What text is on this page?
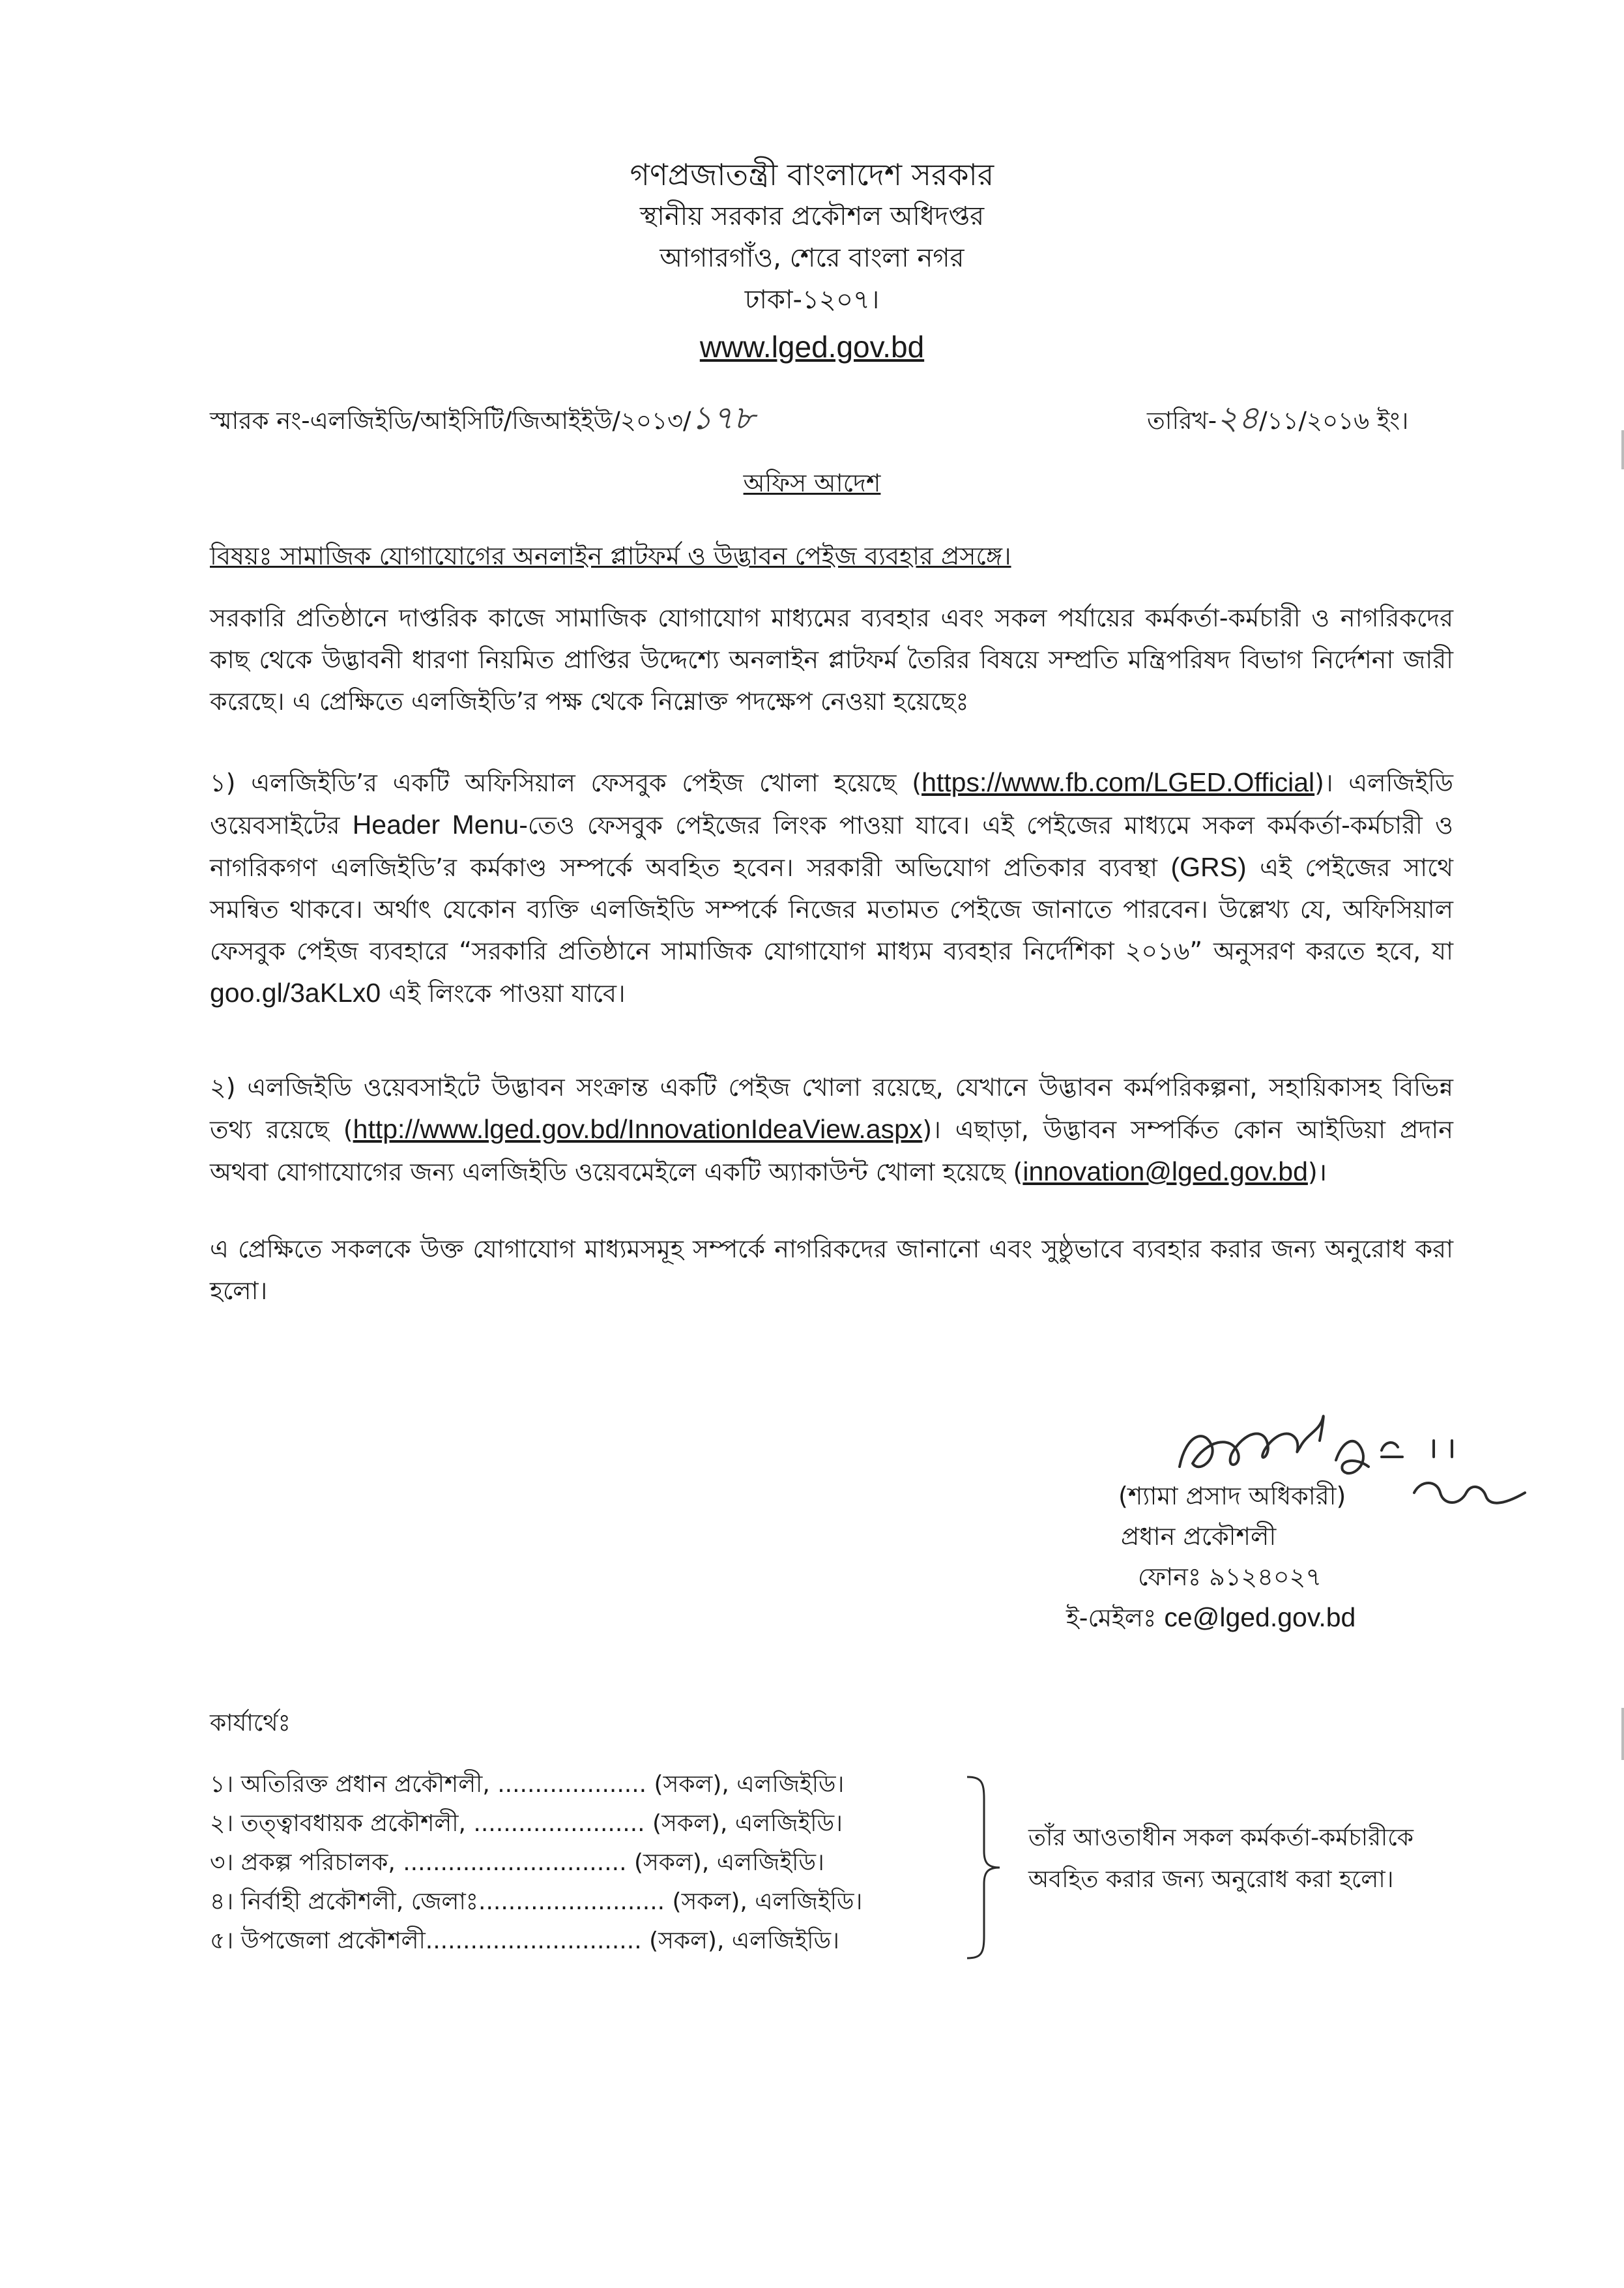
গণপ্রজাতন্ত্রী বাংলাদেশ সরকার
স্থানীয় সরকার প্রকৌশল অধিদপ্তর
আগারগাঁও, শেরে বাংলা নগর
ঢাকা-১২০৭।
www.lged.gov.bd
স্মারক নং-এলজিইডি/আইসিটি/জিআইইউ/২০১৩/১৭৮	তারিখ-২৪/১১/২০১৬ ইং।
অফিস আদেশ
বিষয়ঃ সামাজিক যোগাযোগের অনলাইন প্লাটফর্ম ও উদ্ভাবন পেইজ ব্যবহার প্রসঙ্গে।
সরকারি প্রতিষ্ঠানে দাপ্তরিক কাজে সামাজিক যোগাযোগ মাধ্যমের ব্যবহার এবং সকল পর্যায়ের কর্মকর্তা-কর্মচারী ও নাগরিকদের কাছ থেকে উদ্ভাবনী ধারণা নিয়মিত প্রাপ্তির উদ্দেশ্যে অনলাইন প্লাটফর্ম তৈরির বিষয়ে সম্প্রতি মন্ত্রিপরিষদ বিভাগ নির্দেশনা জারী করেছে। এ প্রেক্ষিতে এলজিইডি’র পক্ষ থেকে নিম্নোক্ত পদক্ষেপ নেওয়া হয়েছেঃ
১) এলজিইডি’র একটি অফিসিয়াল ফেসবুক পেইজ খোলা হয়েছে (https://www.fb.com/LGED.Official)। এলজিইডি ওয়েবসাইটের Header Menu-তেও ফেসবুক পেইজের লিংক পাওয়া যাবে। এই পেইজের মাধ্যমে সকল কর্মকর্তা-কর্মচারী ও নাগরিকগণ এলজিইডি’র কর্মকাণ্ড সম্পর্কে অবহিত হবেন। সরকারী অভিযোগ প্রতিকার ব্যবস্থা (GRS) এই পেইজের সাথে সমন্বিত থাকবে। অর্থাৎ যেকোন ব্যক্তি এলজিইডি সম্পর্কে নিজের মতামত পেইজে জানাতে পারবেন। উল্লেখ্য যে, অফিসিয়াল ফেসবুক পেইজ ব্যবহারে “সরকারি প্রতিষ্ঠানে সামাজিক যোগাযোগ মাধ্যম ব্যবহার নির্দেশিকা ২০১৬” অনুসরণ করতে হবে, যা goo.gl/3aKLx0 এই লিংকে পাওয়া যাবে।
২) এলজিইডি ওয়েবসাইটে উদ্ভাবন সংক্রান্ত একটি পেইজ খোলা রয়েছে, যেখানে উদ্ভাবন কর্মপরিকল্পনা, সহায়িকাসহ বিভিন্ন তথ্য রয়েছে (http://www.lged.gov.bd/InnovationIdeaView.aspx)। এছাড়া, উদ্ভাবন সম্পর্কিত কোন আইডিয়া প্রদান অথবা যোগাযোগের জন্য এলজিইডি ওয়েবমেইলে একটি অ্যাকাউন্ট খোলা হয়েছে (innovation@lged.gov.bd)।
এ প্রেক্ষিতে সকলকে উক্ত যোগাযোগ মাধ্যমসমূহ সম্পর্কে নাগরিকদের জানানো এবং সুষ্ঠুভাবে ব্যবহার করার জন্য অনুরোধ করা হলো।
(শ্যামা প্রসাদ অধিকারী)
প্রধান প্রকৌশলী
ফোনঃ ৯১২৪০২৭
ই-মেইলঃ ce@lged.gov.bd
কার্যার্থেঃ
১। অতিরিক্ত প্রধান প্রকৌশলী, .................... (সকল), এলজিইডি।
২। তত্ত্বাবধায়ক প্রকৌশলী, ....................... (সকল), এলজিইডি।
৩। প্রকল্প পরিচালক, .............................. (সকল), এলজিইডি।
৪। নির্বাহী প্রকৌশলী, জেলাঃ......................... (সকল), এলজিইডি।
৫। উপজেলা প্রকৌশলী............................. (সকল), এলজিইডি।
তাঁর আওতাধীন সকল কর্মকর্তা-কর্মচারীকে
অবহিত করার জন্য অনুরোধ করা হলো।
